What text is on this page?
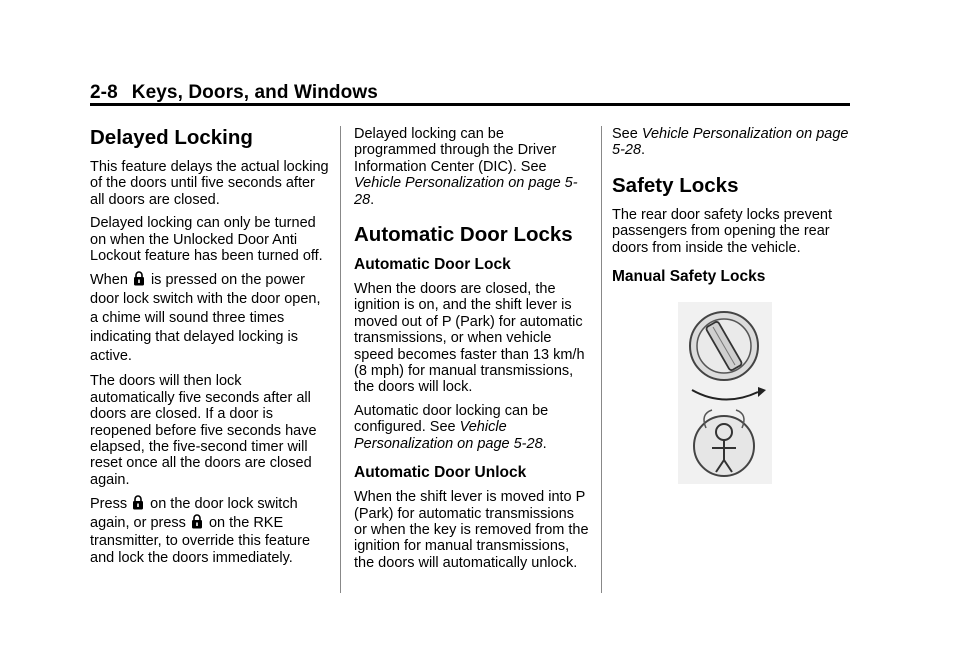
2-8 Keys, Doors, and Windows
Delayed Locking

This feature delays the actual locking of the doors until five seconds after all doors are closed.

Delayed locking can only be turned on when the Unlocked Door Anti Lockout feature has been turned off.

When is pressed on the power door lock switch with the door open, a chime will sound three times indicating that delayed locking is active.

The doors will then lock automatically five seconds after all doors are closed. If a door is reopened before five seconds have elapsed, the five-second timer will reset once all the doors are closed again.

Press on the door lock switch
again, or press on the RKE
transmitter, to override this feature and lock the doors immediately.

Delayed locking can be programmed through the Driver Information Center (DIC). See Vehicle Personalization on page 5-28.

Automatic Door Locks
Automatic Door Lock

When the doors are closed, the ignition is on, and the shift lever is moved out of P (Park) for automatic transmissions, or when vehicle speed becomes faster than 13 km/h (8 mph) for manual transmissions, the doors will lock.

Automatic door locking can be configured. See Vehicle Personalization on page 5-28.

Automatic Door Unlock

When the shift lever is moved into P (Park) for automatic transmissions or when the key is removed from the ignition for manual transmissions, the doors will automatically unlock.

See Vehicle Personalization on page 5-28.

Safety Locks

The rear door safety locks prevent passengers from opening the rear doors from inside the vehicle.

Manual Safety Locks
